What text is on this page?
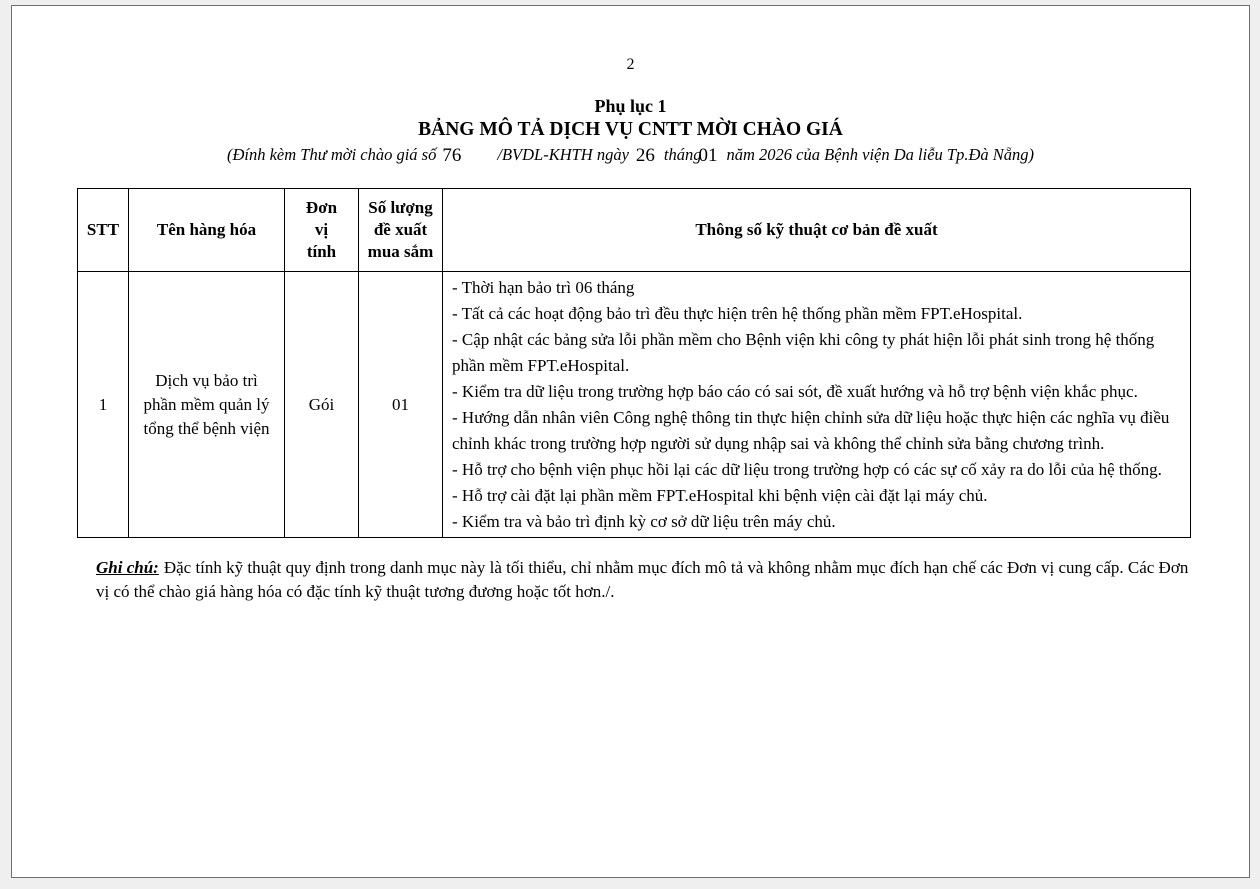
2
Phụ lục 1
BẢNG MÔ TẢ DỊCH VỤ CNTT MỜI CHÀO GIÁ
(Đính kèm Thư mời chào giá số 76 /BVDL-KHTH ngày 26 tháng01 năm 2026 của Bệnh viện Da liễu Tp.Đà Nẵng)
STT	Tên hàng hóa	Đơn vị tính	Số lượng đề xuất mua sắm	Thông số kỹ thuật cơ bản đề xuất
1	Dịch vụ bảo trì phần mềm quản lý tổng thể bệnh viện	Gói	01	
- Thời hạn bảo trì 06 tháng
- Tất cả các hoạt động bảo trì đều thực hiện trên hệ thống phần mềm FPT.eHospital.
- Cập nhật các bảng sửa lỗi phần mềm cho Bệnh viện khi công ty phát hiện lỗi phát sinh trong hệ thống phần mềm FPT.eHospital.
- Kiểm tra dữ liệu trong trường hợp báo cáo có sai sót, đề xuất hướng và hỗ trợ bệnh viện khắc phục.
- Hướng dẫn nhân viên Công nghệ thông tin thực hiện chỉnh sửa dữ liệu hoặc thực hiện các nghĩa vụ điều chỉnh khác trong trường hợp người sử dụng nhập sai và không thể chỉnh sửa bằng chương trình.
- Hỗ trợ cho bệnh viện phục hồi lại các dữ liệu trong trường hợp có các sự cố xảy ra do lỗi của hệ thống.
- Hỗ trợ cài đặt lại phần mềm FPT.eHospital khi bệnh viện cài đặt lại máy chủ.
- Kiểm tra và bảo trì định kỳ cơ sở dữ liệu trên máy chủ.
Ghi chú: Đặc tính kỹ thuật quy định trong danh mục này là tối thiểu, chỉ nhằm mục đích mô tả và không nhằm mục đích hạn chế các Đơn vị cung cấp. Các Đơn vị có thể chào giá hàng hóa có đặc tính kỹ thuật tương đương hoặc tốt hơn./.
